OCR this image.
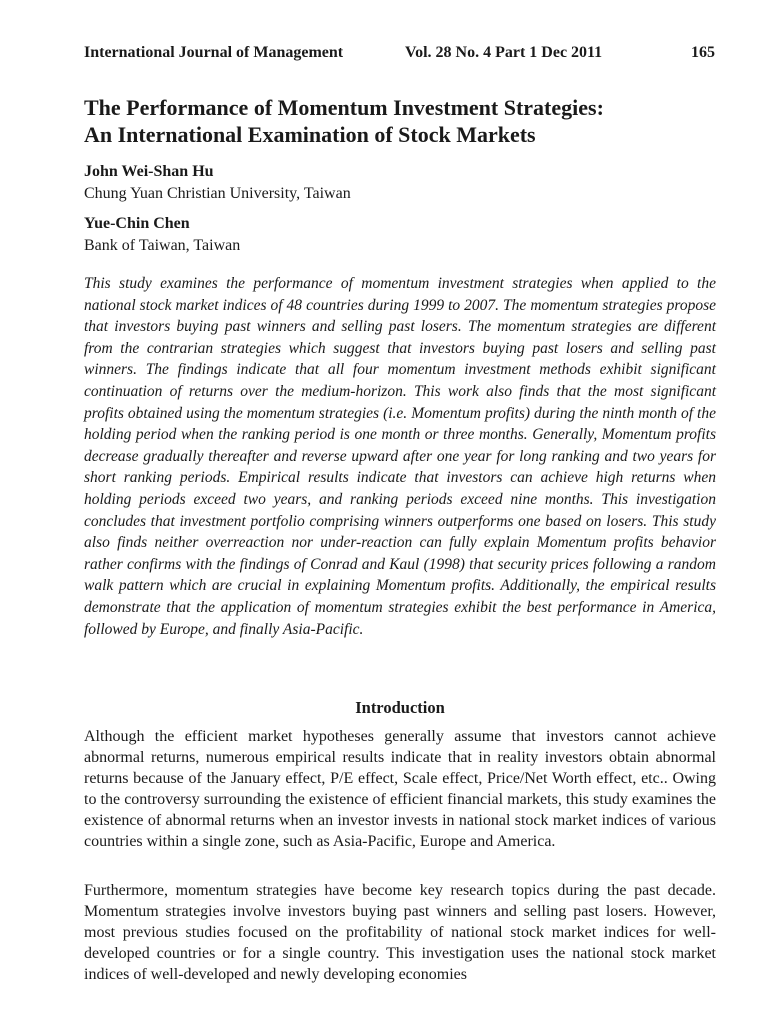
International Journal of Management	Vol. 28 No. 4 Part 1 Dec 2011	165
The Performance of Momentum Investment Strategies:
An International Examination of Stock Markets
John Wei-Shan Hu
Chung Yuan Christian University, Taiwan
Yue-Chin Chen
Bank of Taiwan, Taiwan

This study examines the performance of momentum investment strategies when applied to the national stock market indices of 48 countries during 1999 to 2007. The momentum strategies propose that investors buying past winners and selling past losers. The momentum strategies are different from the contrarian strategies which suggest that investors buying past losers and selling past winners. The findings indicate that all four momentum investment methods exhibit significant continuation of returns over the medium-horizon. This work also finds that the most significant profits obtained using the momentum strategies (i.e. Momentum profits) during the ninth month of the holding period when the ranking period is one month or three months. Generally, Momentum profits decrease gradually thereafter and reverse upward after one year for long ranking and two years for short ranking periods. Empirical results indicate that investors can achieve high returns when holding periods exceed two years, and ranking periods exceed nine months. This investigation concludes that investment portfolio comprising winners outperforms one based on losers. This study also finds neither overreaction nor under-reaction can fully explain Momentum profits behavior rather confirms with the findings of Conrad and Kaul (1998) that security prices following a random walk pattern which are crucial in explaining Momentum profits. Additionally, the empirical results demonstrate that the application of momentum strategies exhibit the best performance in America, followed by Europe, and finally Asia-Pacific.

Introduction

Although the efficient market hypotheses generally assume that investors cannot achieve abnormal returns, numerous empirical results indicate that in reality investors obtain abnormal returns because of the January effect, P/E effect, Scale effect, Price/Net Worth effect, etc.. Owing to the controversy surrounding the existence of efficient financial markets, this study examines the existence of abnormal returns when an investor invests in national stock market indices of various countries within a single zone, such as Asia-Pacific, Europe and America.

Furthermore, momentum strategies have become key research topics during the past decade. Momentum strategies involve investors buying past winners and selling past losers. However, most previous studies focused on the profitability of national stock market indices for well-developed countries or for a single country. This investigation uses the national stock market indices of well-developed and newly developing economies
